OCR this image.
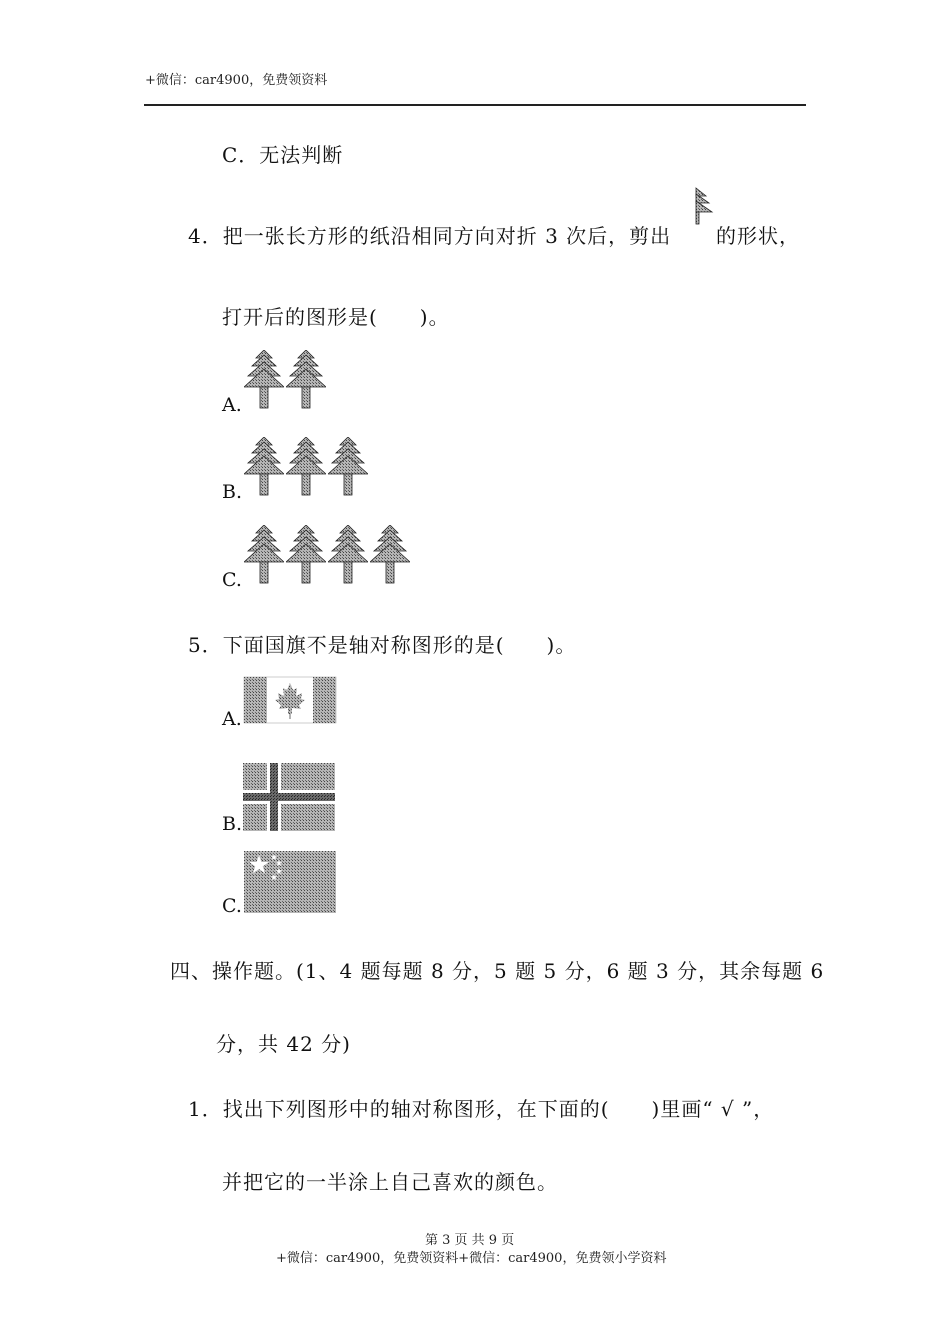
+微信：car4900，免费领资料
C．无法判断
4．把一张长方形的纸沿相同方向对折 3 次后，剪出 的形状，
打开后的图形是(　　)。
A.
B.
C.
5．下面国旗不是轴对称图形的是(　　)。
A.
B.
C.
四、操作题。(1、4 题每题 8 分，5 题 5 分，6 题 3 分，其余每题 6
分，共 42 分)
1．找出下列图形中的轴对称图形，在下面的(　　)里画“ √ ”，
并把它的一半涂上自己喜欢的颜色。
第 3 页 共 9 页
+微信：car4900，免费领资料+微信：car4900，免费领小学资料
